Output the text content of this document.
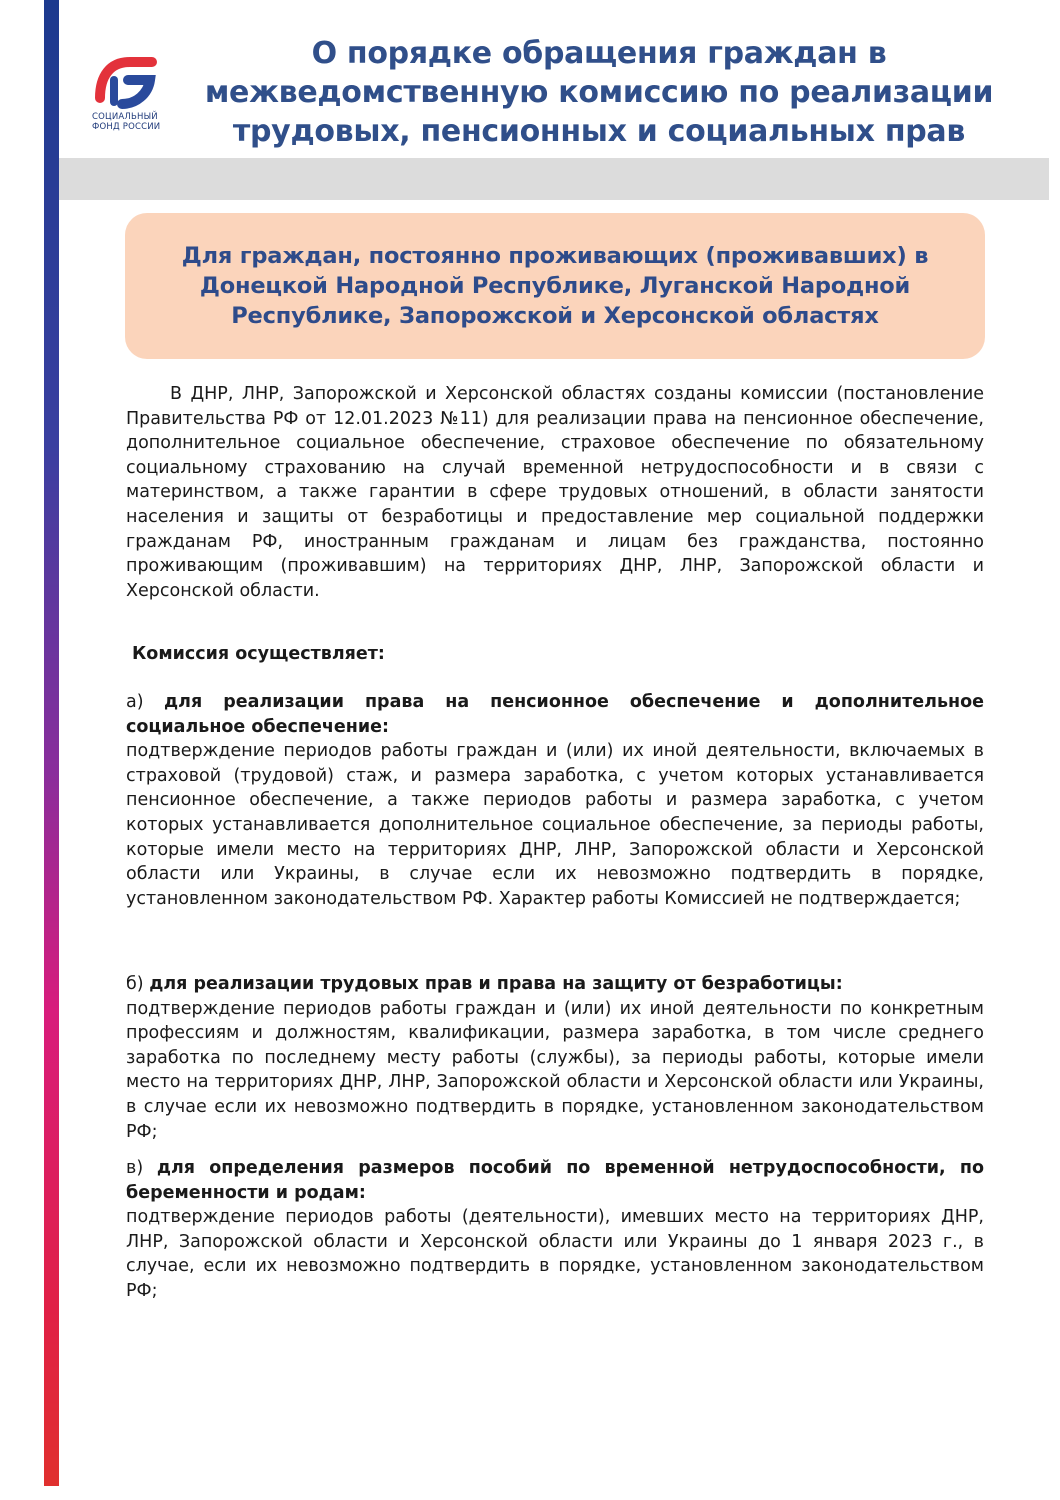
СОЦИАЛЬНЫЙ
ФОНД РОССИИ
О порядке обращения граждан в
межведомственную комиссию по реализации
трудовых, пенсионных и социальных прав

Для граждан, постоянно проживающих (проживавших) в
Донецкой Народной Республике, Луганской Народной
Республике, Запорожской и Херсонской областях

В ДНР, ЛНР, Запорожской и Херсонской областях созданы комиссии (постановление Правительства РФ от 12.01.2023 №11) для реализации права на пенсионное обеспечение, дополнительное социальное обеспечение, страховое обеспечение по обязательному социальному страхованию на случай временной нетрудоспособности и в связи с материнством, а также гарантии в сфере трудовых отношений, в области занятости населения и защиты от безработицы и предоставление мер социальной поддержки гражданам РФ, иностранным гражданам и лицам без гражданства, постоянно проживающим (проживавшим) на территориях ДНР, ЛНР, Запорожской области и Херсонской области.

Комиссия осуществляет:

а) для реализации права на пенсионное обеспечение и дополнительное социальное обеспечение:
подтверждение периодов работы граждан и (или) их иной деятельности, включаемых в страховой (трудовой) стаж, и размера заработка, с учетом которых устанавливается пенсионное обеспечение, а также периодов работы и размера заработка, с учетом которых устанавливается дополнительное социальное обеспечение, за периоды работы, которые имели место на территориях ДНР, ЛНР, Запорожской области и Херсонской области или Украины, в случае если их невозможно подтвердить в порядке, установленном законодательством РФ. Характер работы Комиссией не подтверждается;
б) для реализации трудовых прав и права на защиту от безработицы:
подтверждение периодов работы граждан и (или) их иной деятельности по конкретным профессиям и должностям, квалификации, размера заработка, в том числе среднего заработка по последнему месту работы (службы), за периоды работы, которые имели место на территориях ДНР, ЛНР, Запорожской области и Херсонской области или Украины, в случае если их невозможно подтвердить в порядке, установленном законодательством РФ;
в) для определения размеров пособий по временной нетрудоспособности, по беременности и родам:
подтверждение периодов работы (деятельности), имевших место на территориях ДНР, ЛНР, Запорожской области и Херсонской области или Украины до 1 января 2023 г., в случае, если их невозможно подтвердить в порядке, установленном законодательством РФ;
